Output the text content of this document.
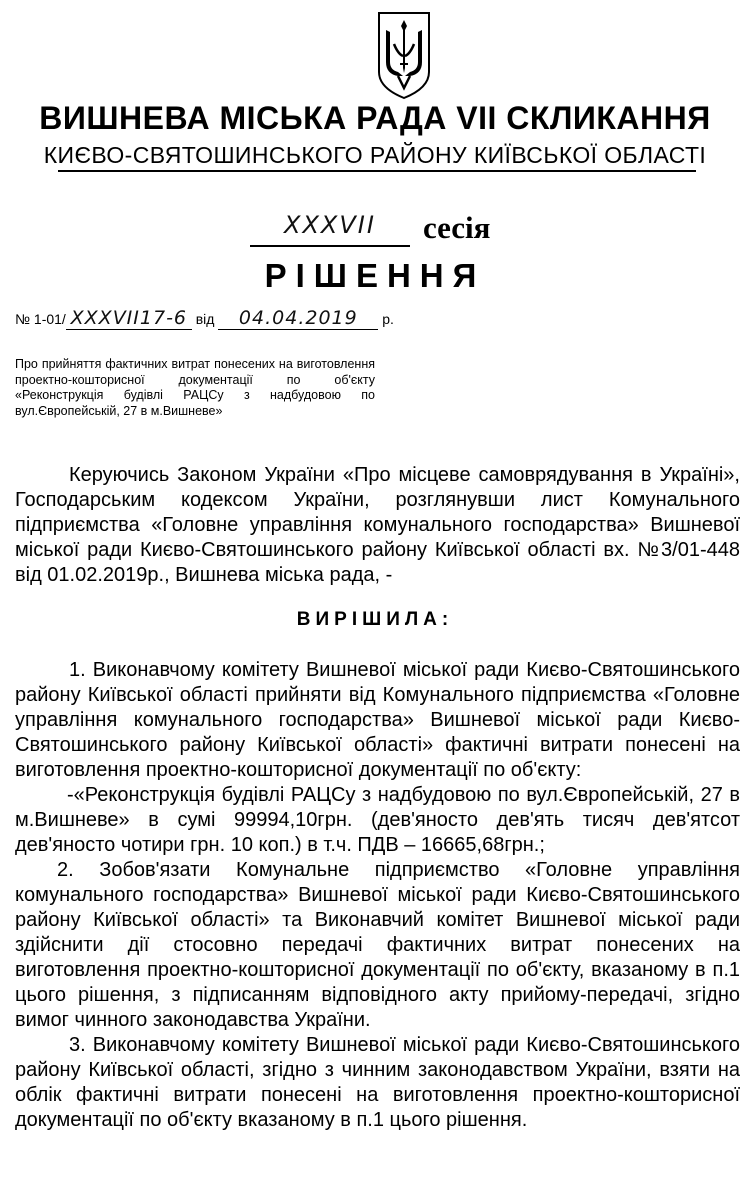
ВИШНЕВА МІСЬКА РАДА VII СКЛИКАННЯ
КИЄВО-СВЯТОШИНСЬКОГО РАЙОНУ КИЇВСЬКОЇ ОБЛАСТІ
XXXVII	сесія
РІШЕННЯ
№ 1-01/ XXXVII17-6 від 04.04.2019 р.
Про прийняття фактичних витрат понесених на виготовлення проектно-кошторисної документації по об'єкту «Реконструкція будівлі РАЦСу з надбудовою по вул.Європейській, 27 в м.Вишневе»
Керуючись Законом України «Про місцеве самоврядування в Україні», Господарським кодексом України, розглянувши лист Комунального підприємства «Головне управління комунального господарства» Вишневої міської ради Києво-Святошинського району Київської області вх. №3/01-448 від 01.02.2019р., Вишнева міська рада, -
ВИРІШИЛА:

1. Виконавчому комітету Вишневої міської ради Києво-Святошинського району Київської області прийняти від Комунального підприємства «Головне управління комунального господарства» Вишневої міської ради Києво-Святошинського району Київської області» фактичні витрати понесені на виготовлення проектно-кошторисної документації по об'єкту:

-«Реконструкція будівлі РАЦСу з надбудовою по вул.Європейській, 27 в м.Вишневе» в сумі 99994,10грн. (дев'яносто дев'ять тисяч дев'ятсот дев'яносто чотири грн. 10 коп.) в т.ч. ПДВ – 16665,68грн.;

2. Зобов'язати Комунальне підприємство «Головне управління комунального господарства» Вишневої міської ради Києво-Святошинського району Київської області» та Виконавчий комітет Вишневої міської ради здійснити дії стосовно передачі фактичних витрат понесених на виготовлення проектно-кошторисної документації по об'єкту, вказаному в п.1 цього рішення, з підписанням відповідного акту прийому-передачі, згідно вимог чинного законодавства України.

3. Виконавчому комітету Вишневої міської ради Києво-Святошинського району Київської області, згідно з чинним законодавством України, взяти на облік фактичні витрати понесені на виготовлення проектно-кошторисної документації по об'єкту вказаному в п.1 цього рішення.
